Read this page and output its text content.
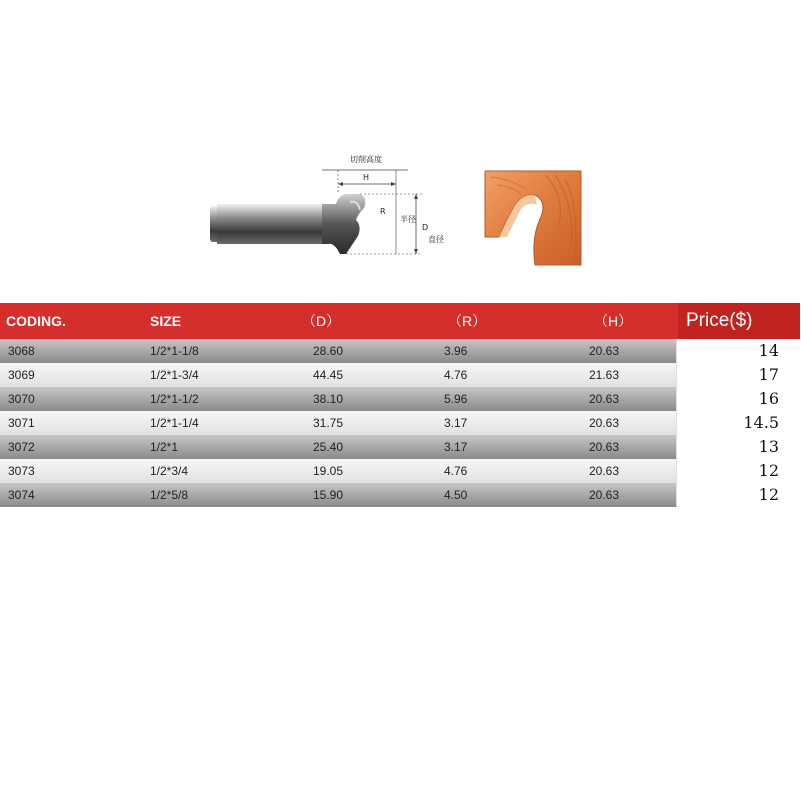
切削高度
H
R
半径
D
直径
CODING.	SIZE	（D）	（R）	（H）	Price($)
3068	1/2*1-1/8	28.60	3.96	20.63	14
3069	1/2*1-3/4	44.45	4.76	21.63	17
3070	1/2*1-1/2	38.10	5.96	20.63	16
3071	1/2*1-1/4	31.75	3.17	20.63	14.5
3072	1/2*1	25.40	3.17	20.63	13
3073	1/2*3/4	19.05	4.76	20.63	12
3074	1/2*5/8	15.90	4.50	20.63	12
